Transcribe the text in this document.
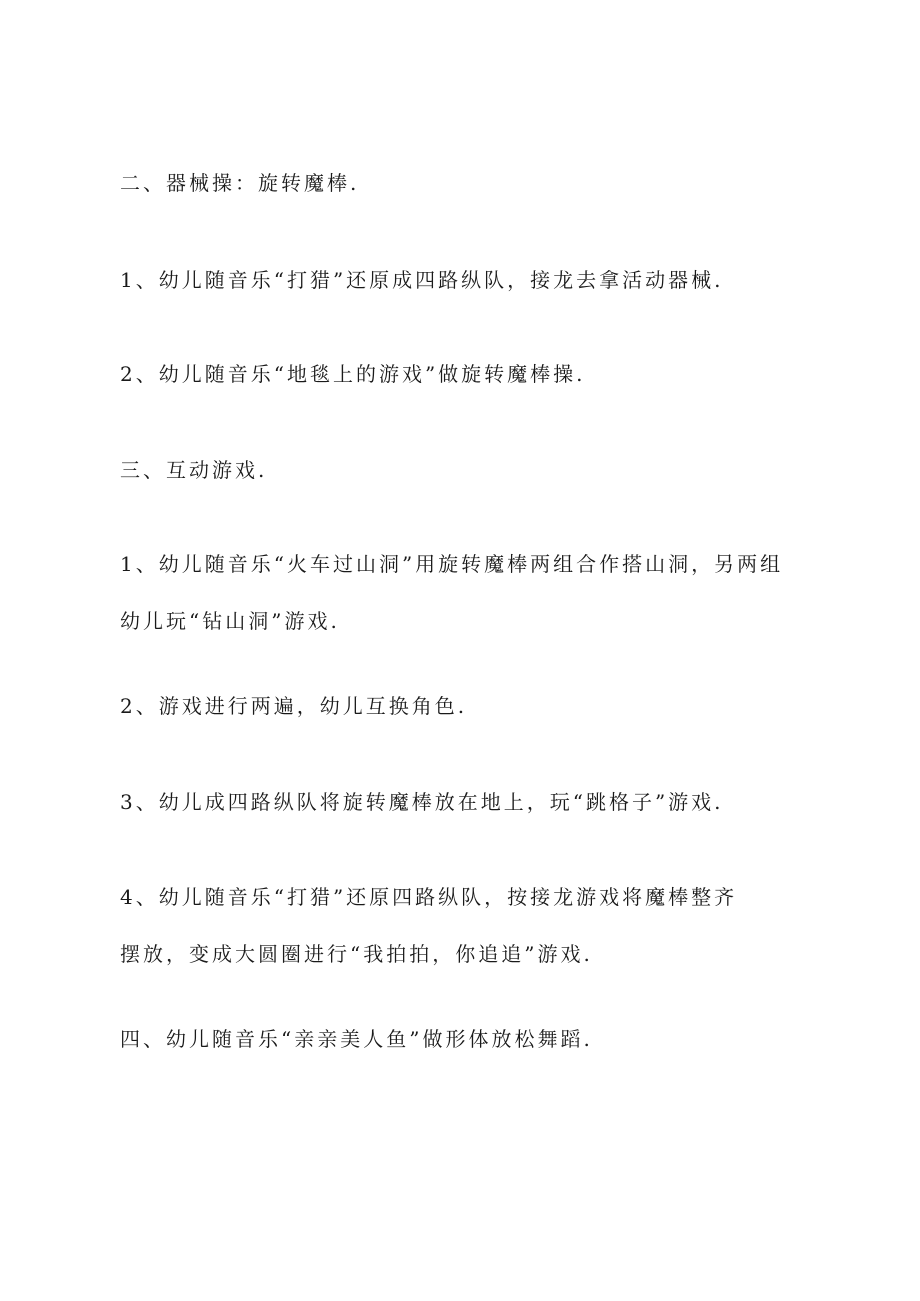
二、器械操：旋转魔棒.

1、幼儿随音乐“打猎”还原成四路纵队，接龙去拿活动器械.

2、幼儿随音乐“地毯上的游戏”做旋转魔棒操.

三、互动游戏.

1、幼儿随音乐“火车过山洞”用旋转魔棒两组合作搭山洞，另两组
幼儿玩“钻山洞”游戏.

2、游戏进行两遍，幼儿互换角色.

3、幼儿成四路纵队将旋转魔棒放在地上，玩“跳格子”游戏.

4、幼儿随音乐“打猎”还原四路纵队，按接龙游戏将魔棒整齐
摆放，变成大圆圈进行“我拍拍，你追追”游戏.

四、幼儿随音乐“亲亲美人鱼”做形体放松舞蹈.
